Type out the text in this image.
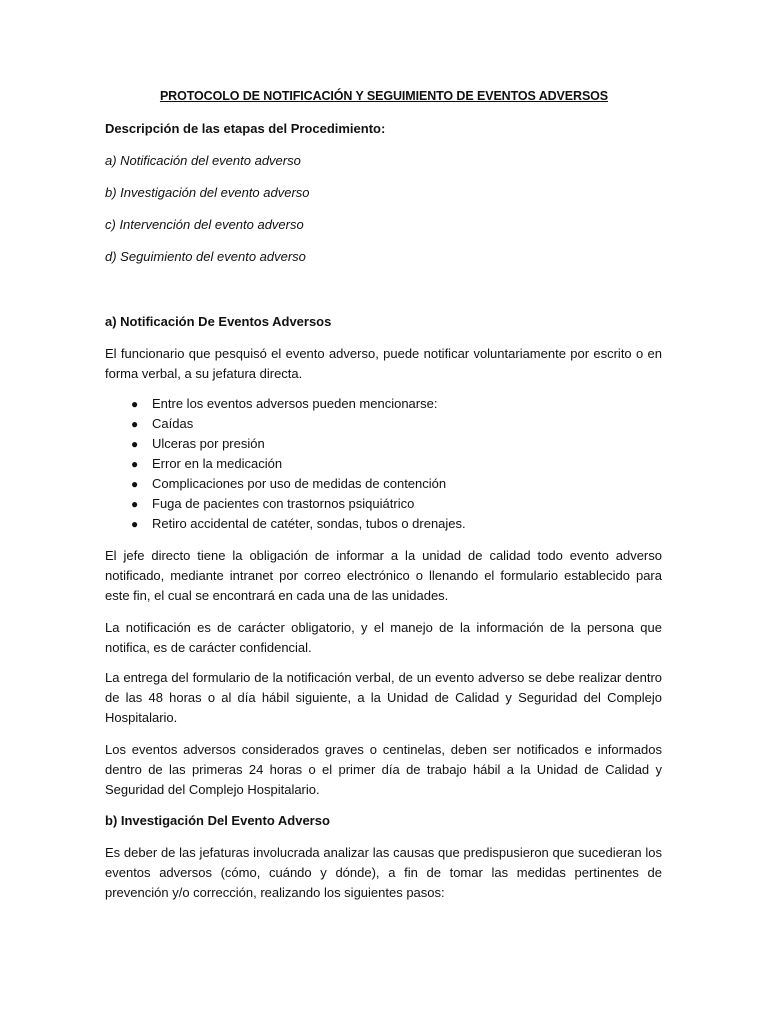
PROTOCOLO DE NOTIFICACIÓN Y SEGUIMIENTO DE EVENTOS ADVERSOS
Descripción de las etapas del Procedimiento:
a) Notificación del evento adverso
b) Investigación del evento adverso
c) Intervención del evento adverso
d) Seguimiento del evento adverso
a) Notificación De Eventos Adversos
El funcionario que pesquisó el evento adverso, puede notificar voluntariamente por escrito o en forma verbal, a su jefatura directa.
● Entre los eventos adversos pueden mencionarse:
● Caídas
● Ulceras por presión
● Error en la medicación
● Complicaciones por uso de medidas de contención
● Fuga de pacientes con trastornos psiquiátrico
● Retiro accidental de catéter, sondas, tubos o drenajes.
El jefe directo tiene la obligación de informar a la unidad de calidad todo evento adverso notificado, mediante intranet por correo electrónico o llenando el formulario establecido para este fin, el cual se encontrará en cada una de las unidades.
La notificación es de carácter obligatorio, y el manejo de la información de la persona que notifica, es de carácter confidencial.
La entrega del formulario de la notificación verbal, de un evento adverso se debe realizar dentro de las 48 horas o al día hábil siguiente, a la Unidad de Calidad y Seguridad del Complejo Hospitalario.
Los eventos adversos considerados graves o centinelas, deben ser notificados e informados dentro de las primeras 24 horas o el primer día de trabajo hábil a la Unidad de Calidad y Seguridad del Complejo Hospitalario.
b) Investigación Del Evento Adverso
Es deber de las jefaturas involucrada analizar las causas que predispusieron que sucedieran los eventos adversos (cómo, cuándo y dónde), a fin de tomar las medidas pertinentes de prevención y/o corrección, realizando los siguientes pasos:
